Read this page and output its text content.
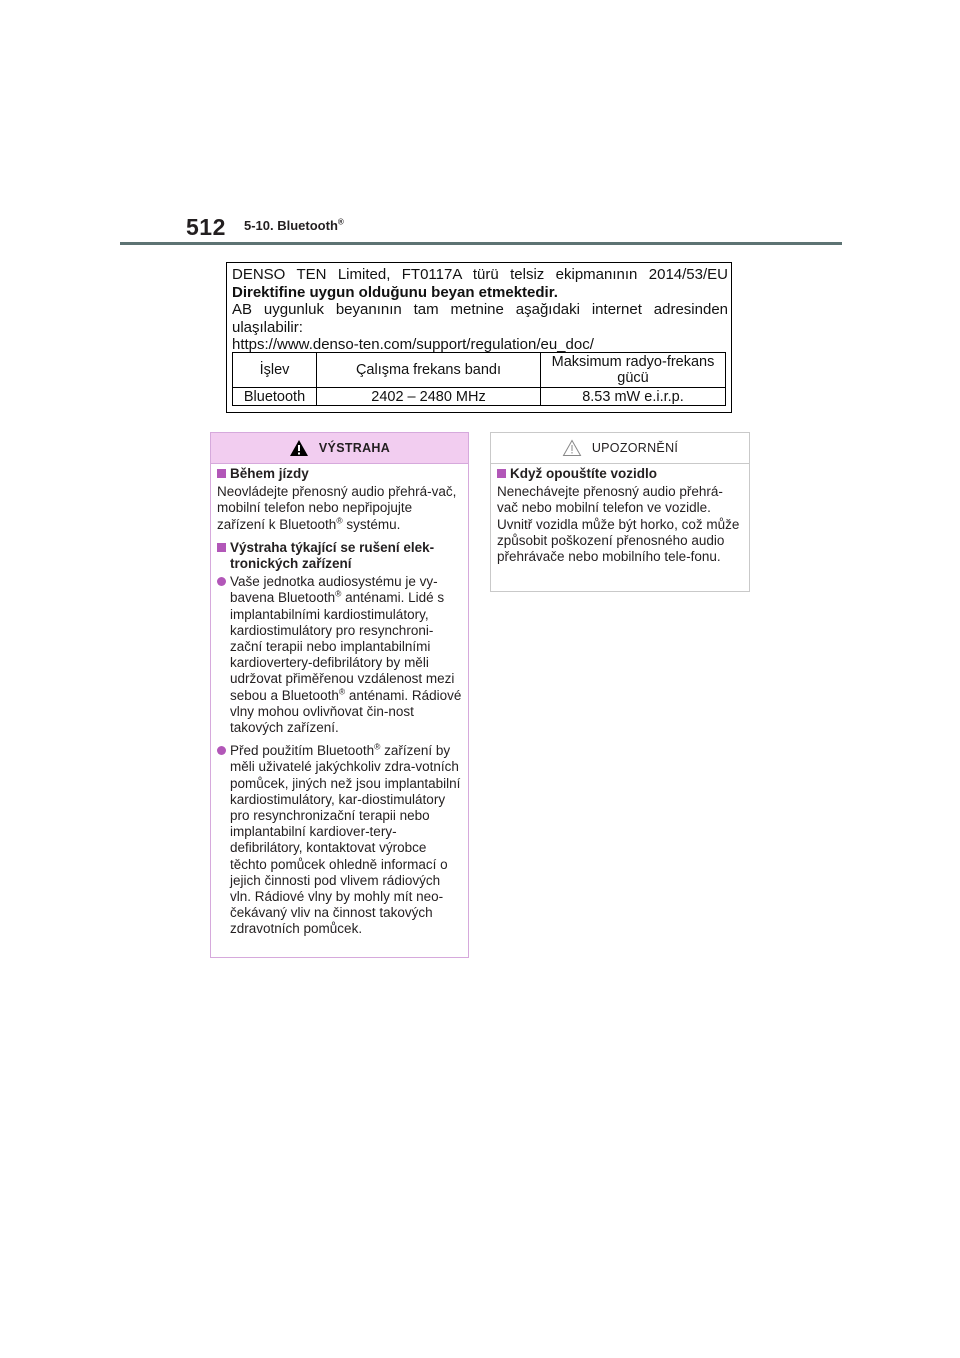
512 5-10. Bluetooth®

DENSO TEN Limited, FT0117A türü telsiz ekipmanının 2014/53/EU

Direktifine uygun olduğunu beyan etmektedir.

AB uygunluk beyanının tam metnine aşağıdaki internet adresinden

ulaşılabilir:

https://www.denso-ten.com/support/regulation/eu_doc/

İşlev	Çalışma frekans bandı	Maksimum radyo-frekans gücü
Bluetooth	2402 – 2480 MHz	8.53 mW e.i.r.p.
VÝSTRAHA
Během jízdy

Neovládejte přenosný audio přehrá-vač, mobilní telefon nebo nepřipojujte zařízení k Bluetooth® systému.

Výstraha týkající se rušení elek-tronických zařízení

Vaše jednotka audiosystému je vy-bavena Bluetooth® anténami. Lidé s implantabilními kardiostimulátory, kardiostimulátory pro resynchroni-zační terapii nebo implantabilními kardiovertery-defibrilátory by měli udržovat přiměřenou vzdálenost mezi sebou a Bluetooth® anténami. Rádiové vlny mohou ovlivňovat čin-nost takových zařízení.

Před použitím Bluetooth® zařízení by měli uživatelé jakýchkoliv zdra-votních pomůcek, jiných než jsou implantabilní kardiostimulátory, kar-diostimulátory pro resynchronizační terapii nebo implantabilní kardiover-tery-defibrilátory, kontaktovat výrobce těchto pomůcek ohledně informací o jejich činnosti pod vlivem rádiových vln. Rádiové vlny by mohly mít neo-čekávaný vliv na činnost takových zdravotních pomůcek.

UPOZORNĚNÍ
Když opouštíte vozidlo

Nenechávejte přenosný audio přehrá-vač nebo mobilní telefon ve vozidle. Uvnitř vozidla může být horko, což může způsobit poškození přenosného audio přehrávače nebo mobilního tele-fonu.
